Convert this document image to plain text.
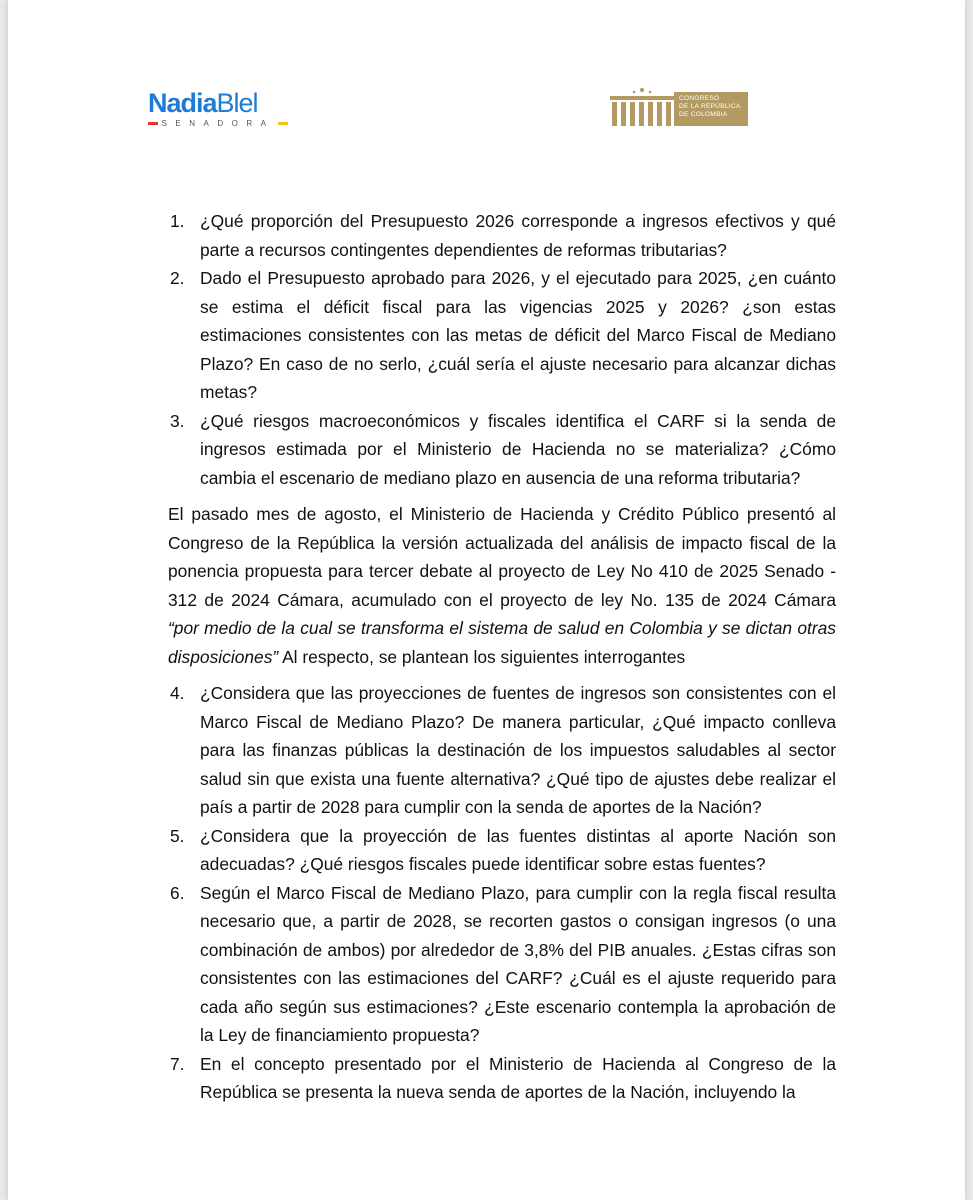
NadiaBlel
SENADORA
CONGRESO
DE LA REPÚBLICA
DE COLOMBIA
1. ¿Qué proporción del Presupuesto 2026 corresponde a ingresos efectivos y qué parte a recursos contingentes dependientes de reformas tributarias?
2. Dado el Presupuesto aprobado para 2026, y el ejecutado para 2025, ¿en cuánto se estima el déficit fiscal para las vigencias 2025 y 2026? ¿son estas estimaciones consistentes con las metas de déficit del Marco Fiscal de Mediano Plazo? En caso de no serlo, ¿cuál sería el ajuste necesario para alcanzar dichas metas?
3. ¿Qué riesgos macroeconómicos y fiscales identifica el CARF si la senda de ingresos estimada por el Ministerio de Hacienda no se materializa? ¿Cómo cambia el escenario de mediano plazo en ausencia de una reforma tributaria?

El pasado mes de agosto, el Ministerio de Hacienda y Crédito Público presentó al Congreso de la República la versión actualizada del análisis de impacto fiscal de la ponencia propuesta para tercer debate al proyecto de Ley No 410 de 2025 Senado - 312 de 2024 Cámara, acumulado con el proyecto de ley No. 135 de 2024 Cámara “por medio de la cual se transforma el sistema de salud en Colombia y se dictan otras disposiciones” Al respecto, se plantean los siguientes interrogantes

4. ¿Considera que las proyecciones de fuentes de ingresos son consistentes con el Marco Fiscal de Mediano Plazo? De manera particular, ¿Qué impacto conlleva para las finanzas públicas la destinación de los impuestos saludables al sector salud sin que exista una fuente alternativa? ¿Qué tipo de ajustes debe realizar el país a partir de 2028 para cumplir con la senda de aportes de la Nación?
5. ¿Considera que la proyección de las fuentes distintas al aporte Nación son adecuadas? ¿Qué riesgos fiscales puede identificar sobre estas fuentes?
6. Según el Marco Fiscal de Mediano Plazo, para cumplir con la regla fiscal resulta necesario que, a partir de 2028, se recorten gastos o consigan ingresos (o una combinación de ambos) por alrededor de 3,8% del PIB anuales. ¿Estas cifras son consistentes con las estimaciones del CARF? ¿Cuál es el ajuste requerido para cada año según sus estimaciones? ¿Este escenario contempla la aprobación de la Ley de financiamiento propuesta?
7. En el concepto presentado por el Ministerio de Hacienda al Congreso de la República se presenta la nueva senda de aportes de la Nación, incluyendo la
